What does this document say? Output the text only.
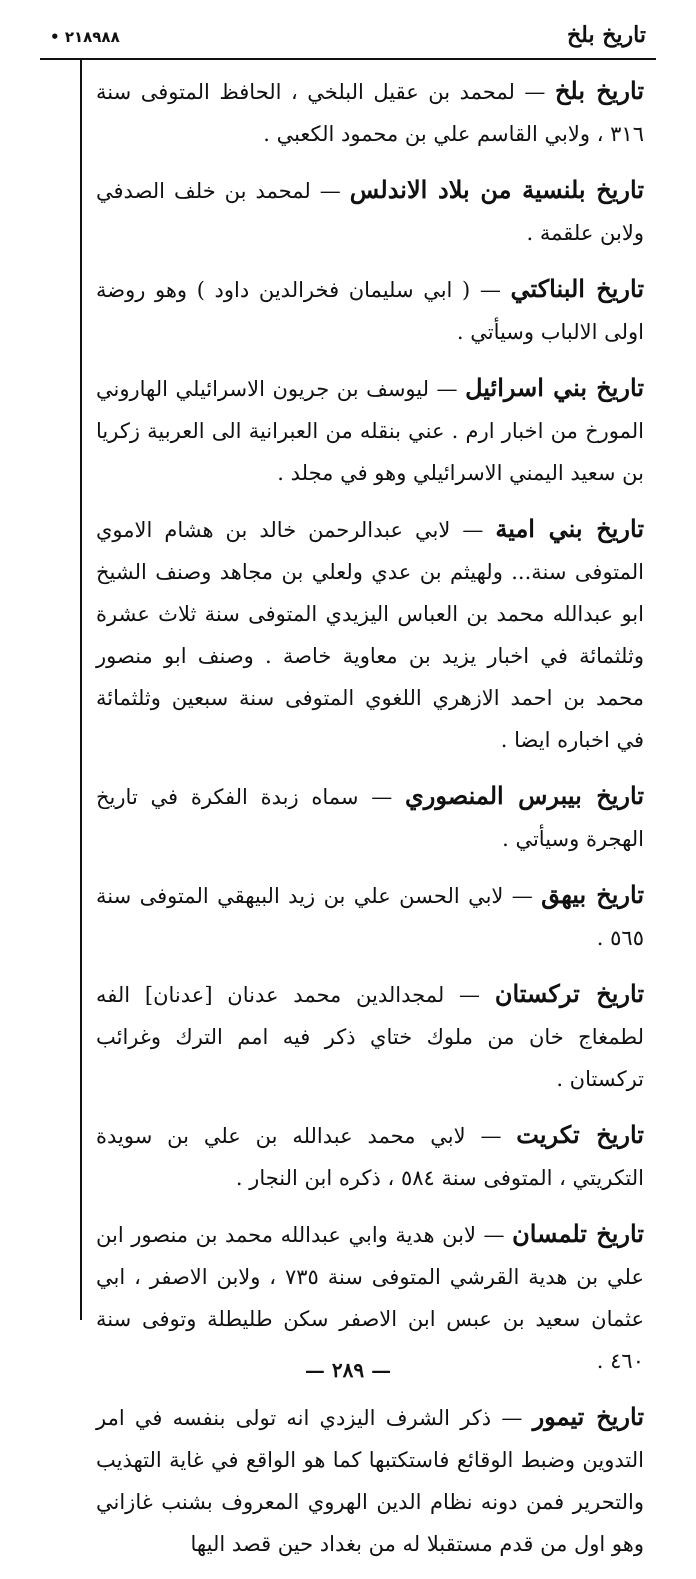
• ٢١٨٩٨٨	تاريخ بلخ

تاريخ بلخ — لمحمد بن عقيل البلخي ، الحافظ المتوفى سنة ٣١٦ ، ولابي القاسم علي بن محمود الكعبي .

تاريخ بلنسية من بلاد الاندلس — لمحمد بن خلف الصدفي ولابن علقمة .

تاريخ البناكتي — ( ابي سليمان فخرالدين داود ) وهو روضة اولى الالباب وسيأتي .

تاريخ بني اسرائيل — ليوسف بن جريون الاسرائيلي الهاروني المورخ من اخبار ارم . عني بنقله من العبرانية الى العربية زكريا بن سعيد اليمني الاسرائيلي وهو في مجلد .

تاريخ بني امية — لابي عبدالرحمن خالد بن هشام الاموي المتوفى سنة... ولهيثم بن عدي ولعلي بن مجاهد وصنف الشيخ ابو عبدالله محمد بن العباس اليزيدي المتوفى سنة ثلاث عشرة وثلثمائة في اخبار يزيد بن معاوية خاصة . وصنف ابو منصور محمد بن احمد الازهري اللغوي المتوفى سنة سبعين وثلثمائة في اخباره ايضا .

تاريخ بيبرس المنصوري — سماه زبدة الفكرة في تاريخ الهجرة وسيأتي .

تاريخ بيهق — لابي الحسن علي بن زيد البيهقي المتوفى سنة ٥٦٥ .

تاريخ تركستان — لمجدالدين محمد عدنان [عدنان] الفه لطمغاج خان من ملوك ختاي ذكر فيه امم الترك وغرائب تركستان .

تاريخ تكريت — لابي محمد عبدالله بن علي بن سويدة التكريتي ، المتوفى سنة ٥٨٤ ، ذكره ابن النجار .

تاريخ تلمسان — لابن هدية وابي عبدالله محمد بن منصور ابن علي بن هدية القرشي المتوفى سنة ٧٣٥ ، ولابن الاصفر ، ابي عثمان سعيد بن عبس ابن الاصفر سكن طليطلة وتوفى سنة ٤٦٠ .

تاريخ تيمور — ذكر الشرف اليزدي انه تولى بنفسه في امر التدوين وضبط الوقائع فاستكتبها كما هو الواقع في غاية التهذيب والتحرير فمن دونه نظام الدين الهروي المعروف بشنب غازاني وهو اول من قدم مستقبلا له من بغداد حين قصد اليها

— ٢٨٩ —
